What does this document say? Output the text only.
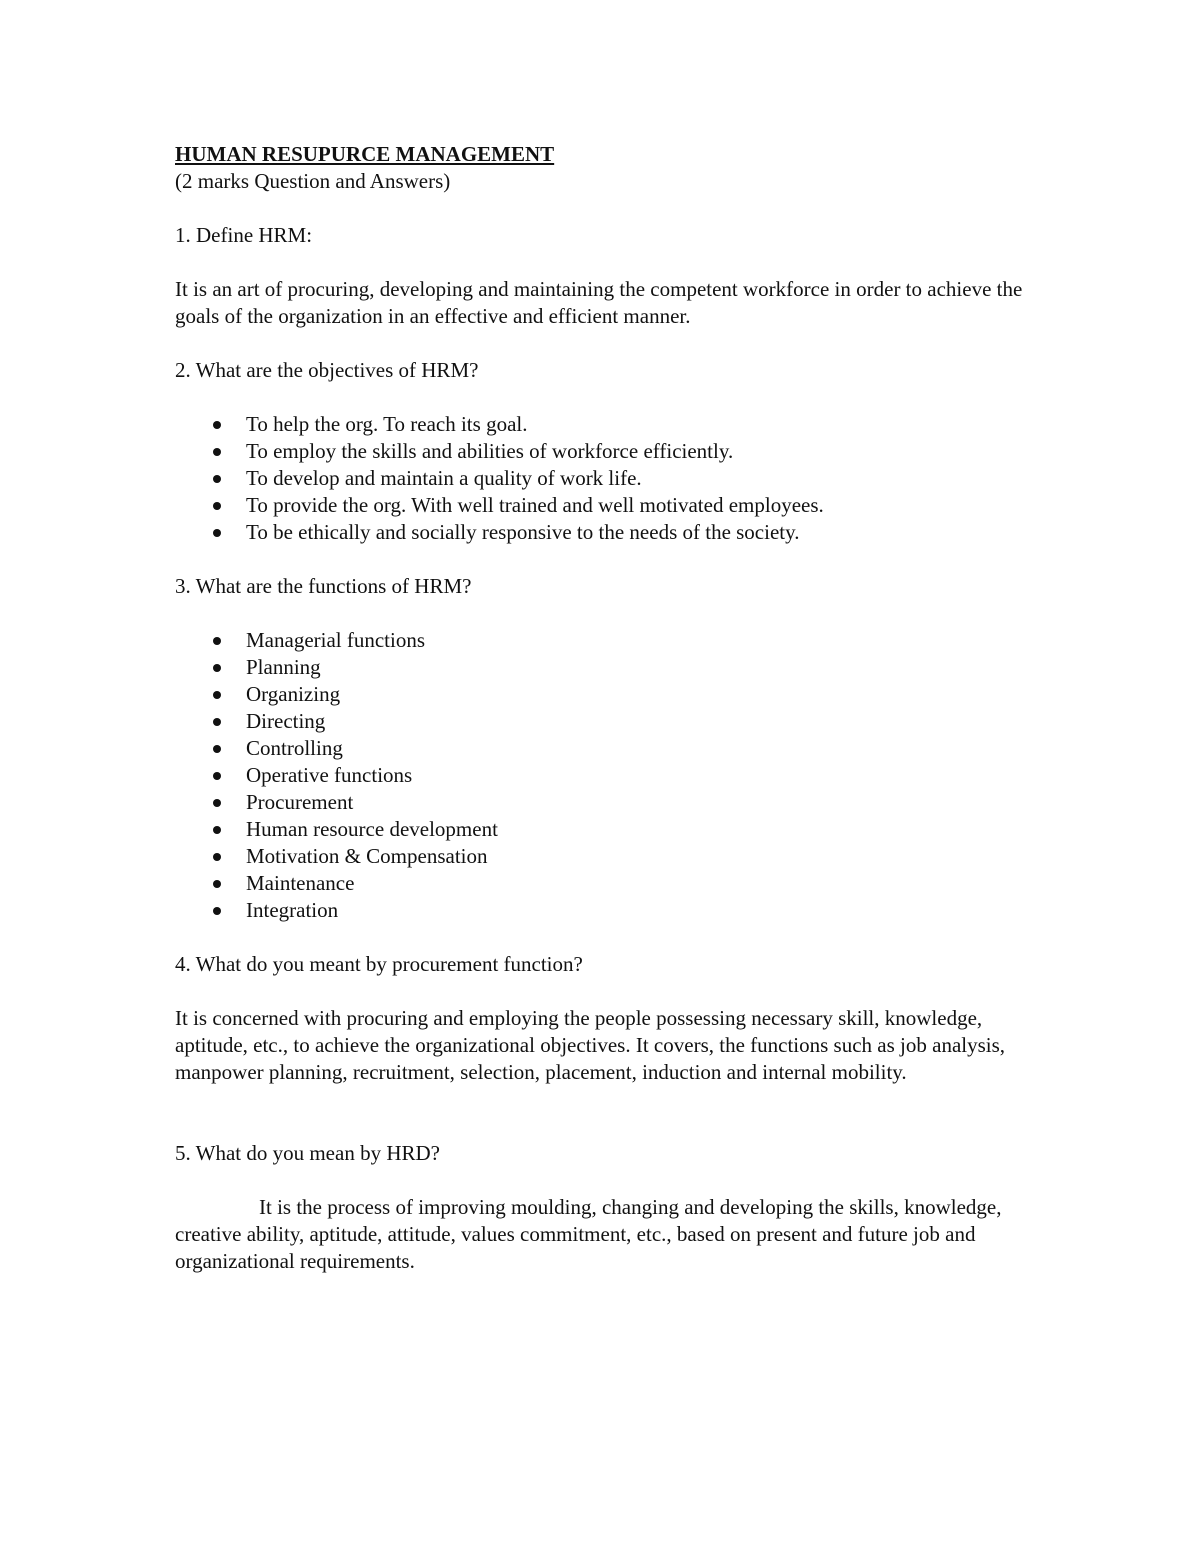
HUMAN RESUPURCE MANAGEMENT

(2 marks Question and Answers)

1. Define HRM:

It is an art of procuring, developing and maintaining the competent workforce in order to achieve the goals of the organization in an effective and efficient manner.

2. What are the objectives of HRM?

To help the org. To reach its goal.
To employ the skills and abilities of workforce efficiently.
To develop and maintain a quality of work life.
To provide the org. With well trained and well motivated employees.
To be ethically and socially responsive to the needs of the society.

3. What are the functions of HRM?

Managerial functions
Planning
Organizing
Directing
Controlling
Operative functions
Procurement
Human resource development
Motivation & Compensation
Maintenance
Integration

4. What do you meant by procurement function?

It is concerned with procuring and employing the people possessing necessary skill, knowledge, aptitude, etc., to achieve the organizational objectives. It covers, the functions such as job analysis, manpower planning, recruitment, selection, placement, induction and internal mobility.

5. What do you mean by HRD?

It is the process of improving moulding, changing and developing the skills, knowledge, creative ability, aptitude, attitude, values commitment, etc., based on present and future job and organizational requirements.
